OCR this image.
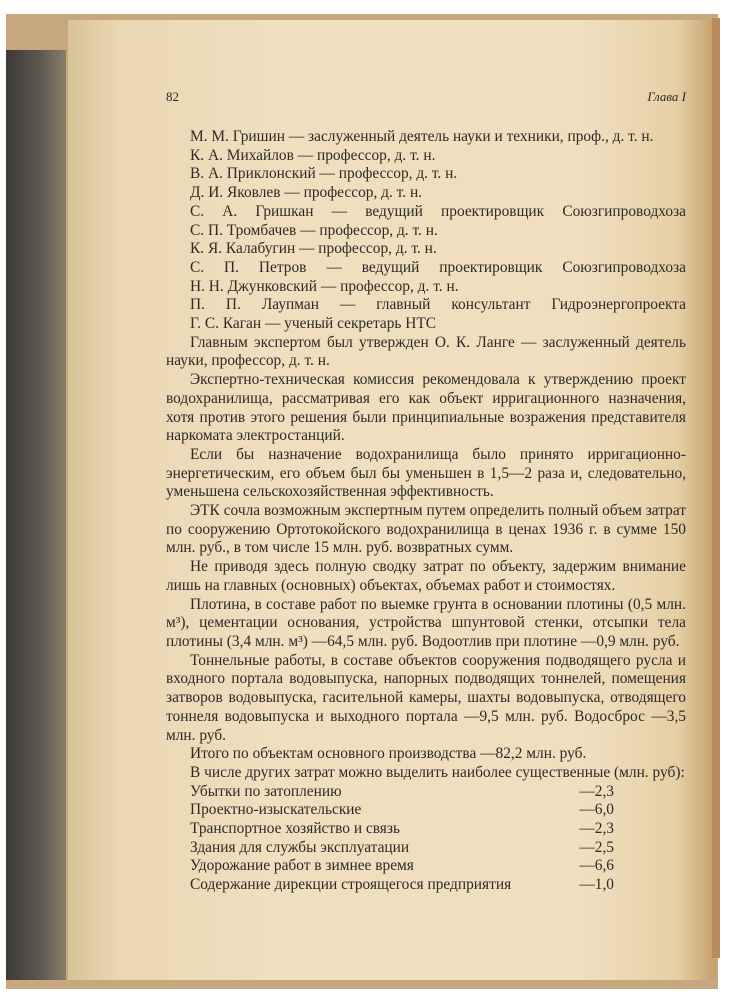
82	Глава I

М. М. Гришин — заслуженный деятель науки и техники, проф., д. т. н.

К. А. Михайлов — профессор, д. т. н.

В. А. Приклонский — профессор, д. т. н.

Д. И. Яковлев — профессор, д. т. н.

С. А. Гришкан — ведущий проектировщик Союзгипроводхоза

С. П. Тромбачев — профессор, д. т. н.

К. Я. Калабугин — профессор, д. т. н.

С. П. Петров — ведущий проектировщик Союзгипроводхоза

Н. Н. Джунковский — профессор, д. т. н.

П. П. Лаупман — главный консультант Гидроэнергопроекта

Г. С. Каган — ученый секретарь НТС

Главным экспертом был утвержден О. К. Ланге — заслуженный деятель науки, профессор, д. т. н.

Экспертно-техническая комиссия рекомендовала к утверждению проект водохранилища, рассматривая его как объект ирригационного назначения, хотя против этого решения были принципиальные возражения представителя наркомата электростанций.

Если бы назначение водохранилища было принято ирригационно-энергетическим, его объем был бы уменьшен в 1,5—2 раза и, следовательно, уменьшена сельскохозяйственная эффективность.

ЭТК сочла возможным экспертным путем определить полный объем затрат по сооружению Ортотокойского водохранилища в ценах 1936 г. в сумме 150 млн. руб., в том числе 15 млн. руб. возвратных сумм.

Не приводя здесь полную сводку затрат по объекту, задержим внимание лишь на главных (основных) объектах, объемах работ и стоимостях.

Плотина, в составе работ по выемке грунта в основании плотины (0,5 млн. м³), цементации основания, устройства шпунтовой стенки, отсыпки тела плотины (3,4 млн. м³) —64,5 млн. руб. Водоотлив при плотине —0,9 млн. руб.

Тоннельные работы, в составе объектов сооружения подводящего русла и входного портала водовыпуска, напорных подводящих тоннелей, помещения затворов водовыпуска, гасительной камеры, шахты водовыпуска, отводящего тоннеля водовыпуска и выходного портала —9,5 млн. руб. Водосброс —3,5 млн. руб.

Итого по объектам основного производства —82,2 млн. руб.

В числе других затрат можно выделить наиболее существенные (млн. руб):

Убытки по затоплению	—2,3
Проектно-изыскательские	—6,0
Транспортное хозяйство и связь	—2,3
Здания для службы эксплуатации	—2,5
Удорожание работ в зимнее время	—6,6
Содержание дирекции строящегося предприятия	—1,0
